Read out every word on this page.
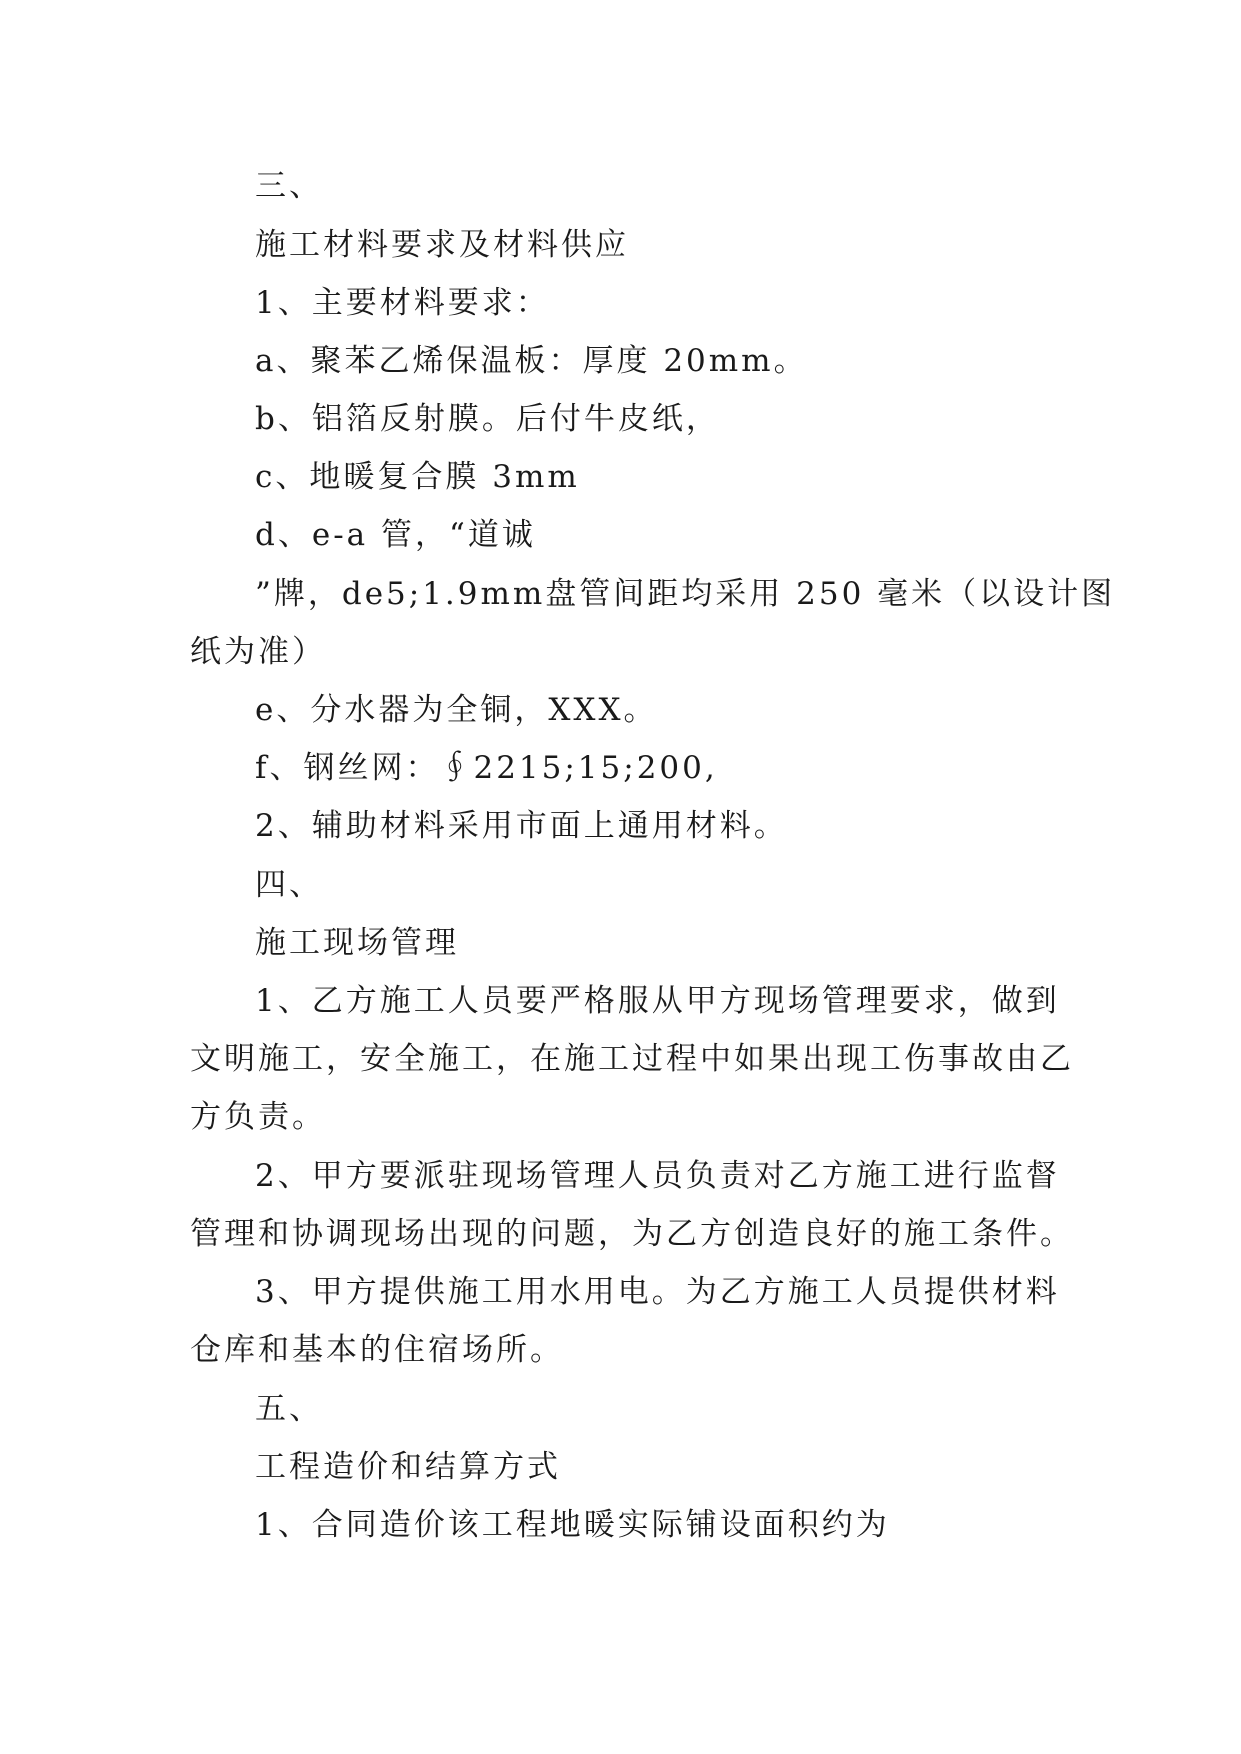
三、
施工材料要求及材料供应
1、主要材料要求：
a、聚苯乙烯保温板：厚度 20mm。
b、铝箔反射膜。后付牛皮纸，
c、地暖复合膜 3mm
d、e-a 管，“道诚
”牌，de5;1.9mm盘管间距均采用 250 毫米（以设计图
纸为准）
e、分水器为全铜，XXX。
f、钢丝网：∮2215;15;200,
2、辅助材料采用市面上通用材料。
四、
施工现场管理
1、乙方施工人员要严格服从甲方现场管理要求，做到
文明施工，安全施工，在施工过程中如果出现工伤事故由乙
方负责。
2、甲方要派驻现场管理人员负责对乙方施工进行监督
管理和协调现场出现的问题，为乙方创造良好的施工条件。
3、甲方提供施工用水用电。为乙方施工人员提供材料
仓库和基本的住宿场所。
五、
工程造价和结算方式
1、合同造价该工程地暖实际铺设面积约为
